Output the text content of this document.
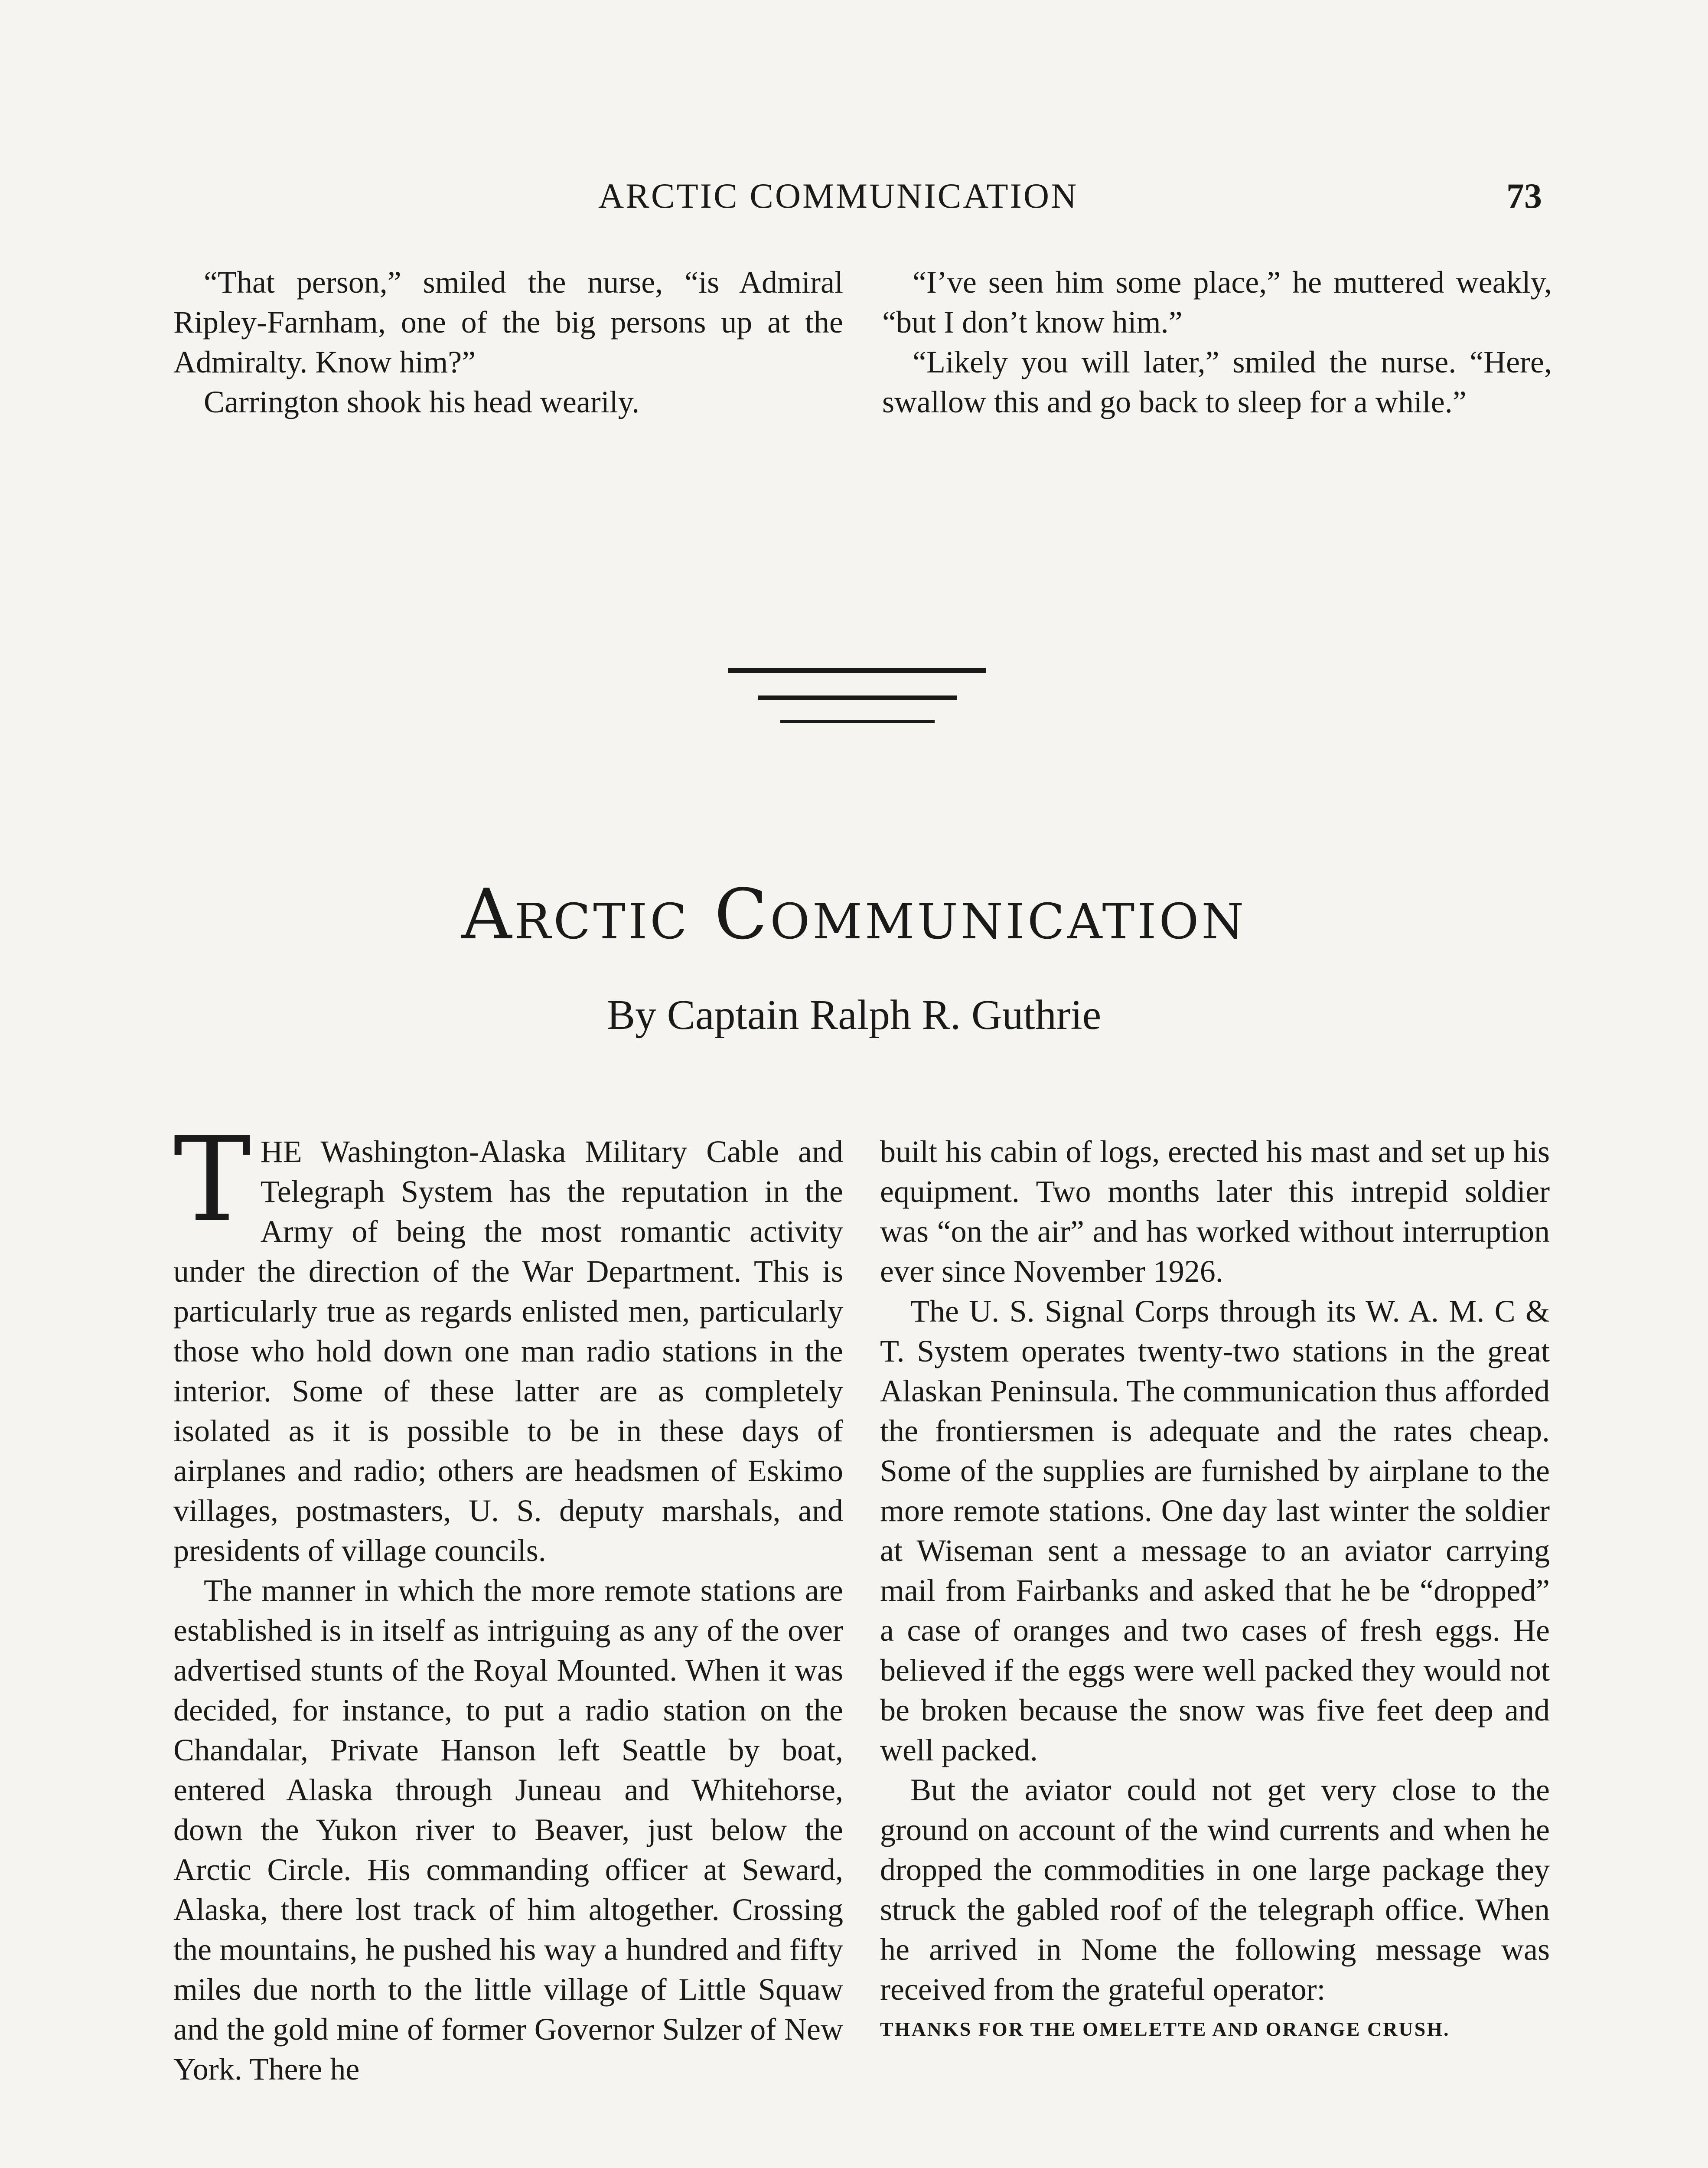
ARCTIC COMMUNICATION	73

“That person,” smiled the nurse, “is Admiral Ripley-Farnham, one of the big persons up at the Admiralty. Know him?”

Carrington shook his head wearily.

“I’ve seen him some place,” he muttered weakly, “but I don’t know him.”

“Likely you will later,” smiled the nurse. “Here, swallow this and go back to sleep for a while.”

Arctic Communication
By Captain Ralph R. Guthrie

THE Washington-Alaska Military Cable and Telegraph System has the reputation in the Army of being the most romantic activity under the direction of the War Department. This is particularly true as regards enlisted men, particularly those who hold down one man radio stations in the interior. Some of these latter are as completely isolated as it is possible to be in these days of airplanes and radio; others are headsmen of Eskimo villages, postmasters, U. S. deputy marshals, and presidents of village councils.

The manner in which the more remote stations are established is in itself as intriguing as any of the over advertised stunts of the Royal Mounted. When it was decided, for instance, to put a radio station on the Chandalar, Private Hanson left Seattle by boat, entered Alaska through Juneau and Whitehorse, down the Yukon river to Beaver, just below the Arctic Circle. His commanding officer at Seward, Alaska, there lost track of him altogether. Crossing the mountains, he pushed his way a hundred and fifty miles due north to the little village of Little Squaw and the gold mine of former Governor Sulzer of New York. There he

built his cabin of logs, erected his mast and set up his equipment. Two months later this intrepid soldier was “on the air” and has worked without interruption ever since November 1926.

The U. S. Signal Corps through its W. A. M. C & T. System operates twenty-two stations in the great Alaskan Peninsula. The communication thus afforded the frontiersmen is adequate and the rates cheap. Some of the supplies are furnished by airplane to the more remote stations. One day last winter the soldier at Wiseman sent a message to an aviator carrying mail from Fairbanks and asked that he be “dropped” a case of oranges and two cases of fresh eggs. He believed if the eggs were well packed they would not be broken because the snow was five feet deep and well packed.

But the aviator could not get very close to the ground on account of the wind currents and when he dropped the commodities in one large package they struck the gabled roof of the telegraph office. When he arrived in Nome the following message was received from the grateful operator:

THANKS FOR THE OMELETTE AND ORANGE CRUSH.
